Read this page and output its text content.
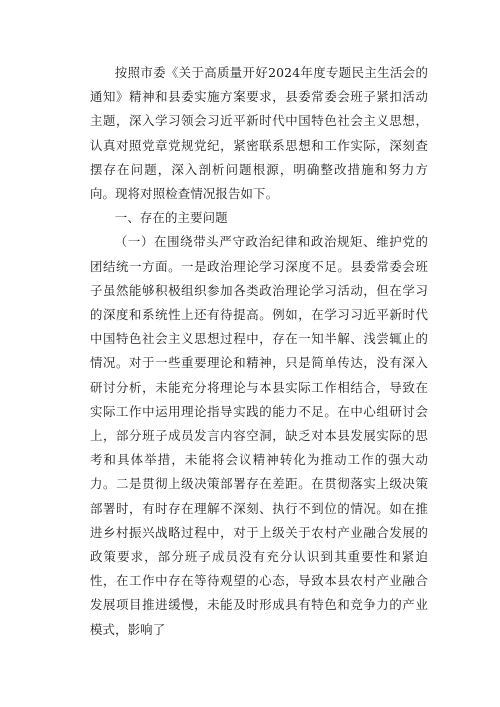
按照市委《关于高质量开好2024年度专题民主生活会的通知》精神和县委实施方案要求，县委常委会班子紧扣活动主题，深入学习领会习近平新时代中国特色社会主义思想，认真对照党章党规党纪，紧密联系思想和工作实际，深刻查摆存在问题，深入剖析问题根源，明确整改措施和努力方向。现将对照检查情况报告如下。

一、存在的主要问题

（一）在围绕带头严守政治纪律和政治规矩、维护党的团结统一方面。一是政治理论学习深度不足。县委常委会班子虽然能够积极组织参加各类政治理论学习活动，但在学习的深度和系统性上还有待提高。例如，在学习习近平新时代中国特色社会主义思想过程中，存在一知半解、浅尝辄止的情况。对于一些重要理论和精神，只是简单传达，没有深入研讨分析，未能充分将理论与本县实际工作相结合，导致在实际工作中运用理论指导实践的能力不足。在中心组研讨会上，部分班子成员发言内容空洞，缺乏对本县发展实际的思考和具体举措，未能将会议精神转化为推动工作的强大动力。二是贯彻上级决策部署存在差距。在贯彻落实上级决策部署时，有时存在理解不深刻、执行不到位的情况。如在推进乡村振兴战略过程中，对于上级关于农村产业融合发展的政策要求，部分班子成员没有充分认识到其重要性和紧迫性，在工作中存在等待观望的心态，导致本县农村产业融合发展项目推进缓慢，未能及时形成具有特色和竞争力的产业模式，影响了
